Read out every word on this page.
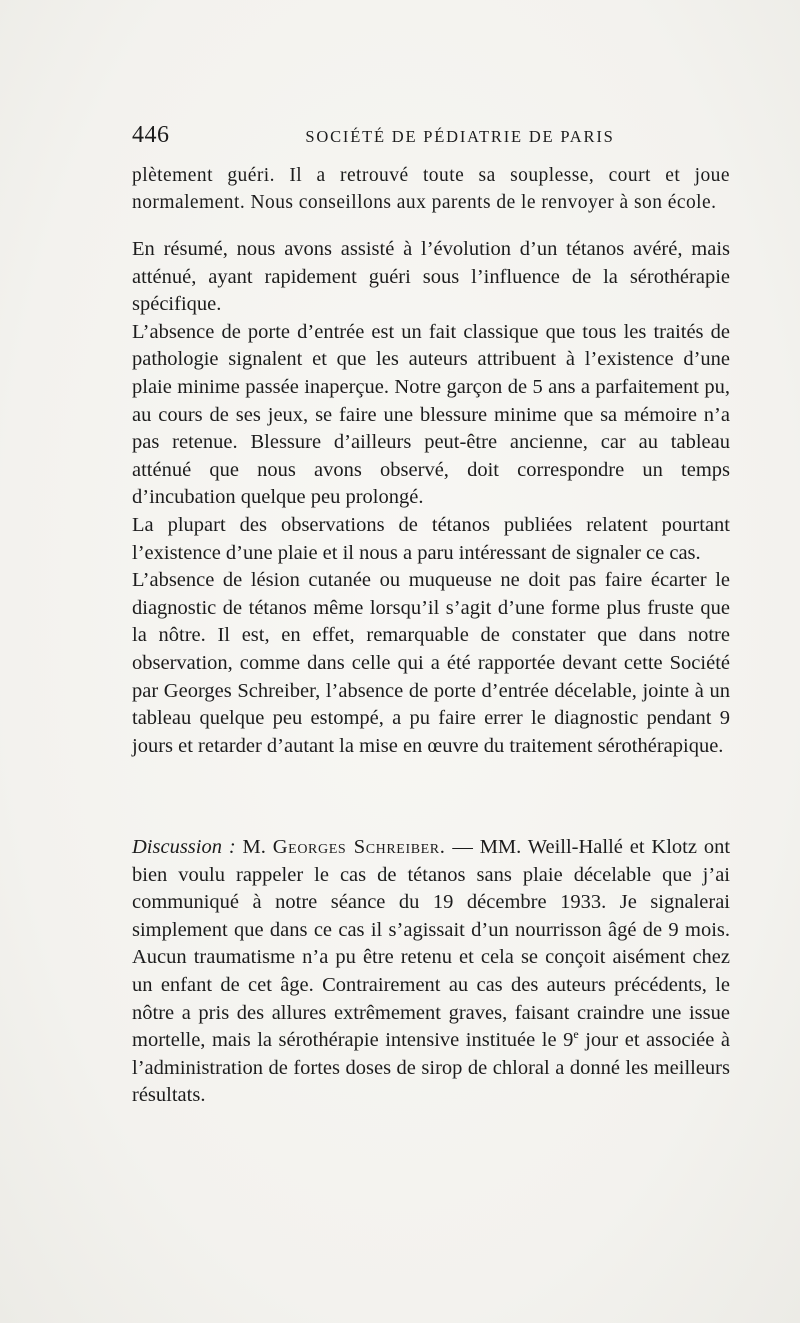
446	SOCIÉTÉ DE PÉDIATRIE DE PARIS
plètement guéri. Il a retrouvé toute sa souplesse, court et joue normalement. Nous conseillons aux parents de le renvoyer à son école.

En résumé, nous avons assisté à l’évolution d’un tétanos avéré, mais atténué, ayant rapidement guéri sous l’influence de la sérothérapie spécifique.

L’absence de porte d’entrée est un fait classique que tous les traités de pathologie signalent et que les auteurs attribuent à l’existence d’une plaie minime passée inaperçue. Notre garçon de 5 ans a parfaitement pu, au cours de ses jeux, se faire une blessure minime que sa mémoire n’a pas retenue. Blessure d’ailleurs peut-être ancienne, car au tableau atténué que nous avons observé, doit correspondre un temps d’incubation quelque peu prolongé.

La plupart des observations de tétanos publiées relatent pourtant l’existence d’une plaie et il nous a paru intéressant de signaler ce cas.

L’absence de lésion cutanée ou muqueuse ne doit pas faire écarter le diagnostic de tétanos même lorsqu’il s’agit d’une forme plus fruste que la nôtre. Il est, en effet, remarquable de constater que dans notre observation, comme dans celle qui a été rapportée devant cette Société par Georges Schreiber, l’absence de porte d’entrée décelable, jointe à un tableau quelque peu estompé, a pu faire errer le diagnostic pendant 9 jours et retarder d’autant la mise en œuvre du traitement sérothérapique.

Discussion : M. Georges Schreiber. — MM. Weill-Hallé et Klotz ont bien voulu rappeler le cas de tétanos sans plaie décelable que j’ai communiqué à notre séance du 19 décembre 1933. Je signalerai simplement que dans ce cas il s’agissait d’un nourrisson âgé de 9 mois. Aucun traumatisme n’a pu être retenu et cela se conçoit aisément chez un enfant de cet âge. Contrairement au cas des auteurs précédents, le nôtre a pris des allures extrêmement graves, faisant craindre une issue mortelle, mais la sérothérapie intensive instituée le 9e jour et associée à l’administration de fortes doses de sirop de chloral a donné les meilleurs résultats.
